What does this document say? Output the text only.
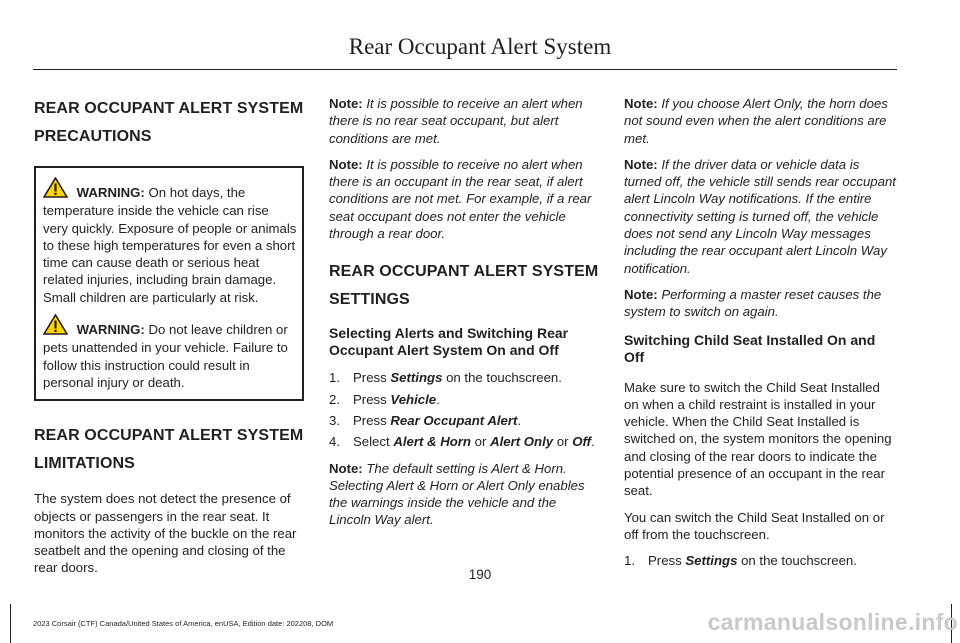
Rear Occupant Alert System
REAR OCCUPANT ALERT SYSTEM
PRECAUTIONS
WARNING: On hot days, the temperature inside the vehicle can rise very quickly. Exposure of people or animals to these high temperatures for even a short time can cause death or serious heat related injuries, including brain damage. Small children are particularly at risk.
WARNING: Do not leave children or pets unattended in your vehicle. Failure to follow this instruction could result in personal injury or death.
REAR OCCUPANT ALERT SYSTEM
LIMITATIONS

The system does not detect the presence of objects or passengers in the rear seat. It monitors the activity of the buckle on the rear seatbelt and the opening and closing of the rear doors.

Note: It is possible to receive an alert when there is no rear seat occupant, but alert conditions are met.

Note: It is possible to receive no alert when there is an occupant in the rear seat, if alert conditions are not met. For example, if a rear seat occupant does not enter the vehicle through a rear door.

REAR OCCUPANT ALERT SYSTEM
SETTINGS
Selecting Alerts and Switching Rear Occupant Alert System On and Off
1. Press Settings on the touchscreen.
2. Press Vehicle.
3. Press Rear Occupant Alert.
4. Select Alert & Horn or Alert Only or Off.

Note: The default setting is Alert & Horn. Selecting Alert & Horn or Alert Only enables the warnings inside the vehicle and the Lincoln Way alert.

Note: If you choose Alert Only, the horn does not sound even when the alert conditions are met.

Note: If the driver data or vehicle data is turned off, the vehicle still sends rear occupant alert Lincoln Way notifications. If the entire connectivity setting is turned off, the vehicle does not send any Lincoln Way messages including the rear occupant alert Lincoln Way notification.

Note: Performing a master reset causes the system to switch on again.

Switching Child Seat Installed On and Off

Make sure to switch the Child Seat Installed on when a child restraint is installed in your vehicle. When the Child Seat Installed is switched on, the system monitors the opening and closing of the rear doors to indicate the potential presence of an occupant in the rear seat.

You can switch the Child Seat Installed on or off from the touchscreen.

1. Press Settings on the touchscreen.
190
2023 Corsair (CTF) Canada/United States of America, enUSA, Edition date: 202208, DOM	carmanualsonline.info
